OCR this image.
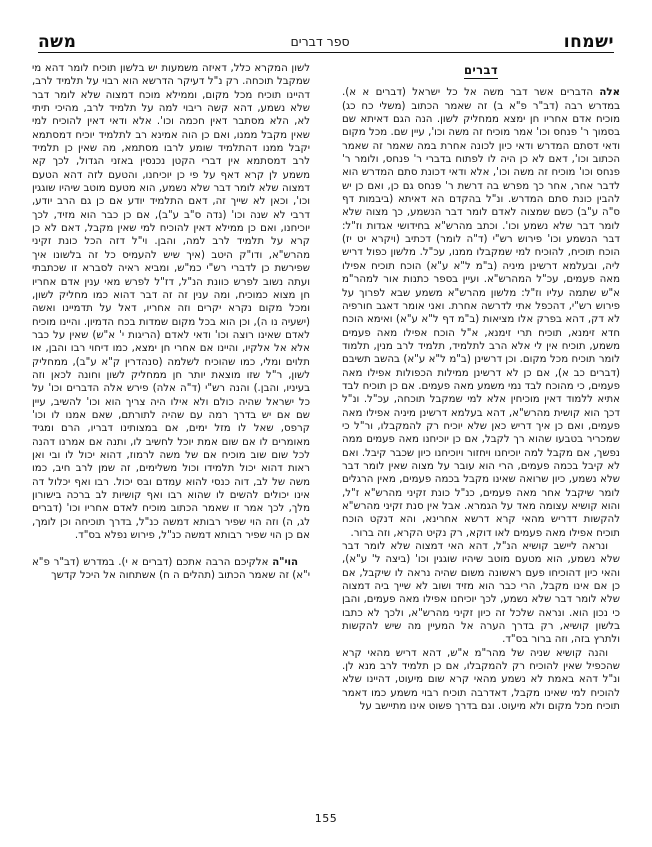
ישמחו
ספר דברים
משה
דברים

אלה הדברים אשר דבר משה אל כל ישראל (דברים א א). במדרש רבה (דב"ר פ"א ב) זה שאמר הכתוב (משלי כח כג) מוכיח אדם אחריו חן ימצא ממחליק לשון. הנה הגם דאיתא שם בסמוך ר' פנחס וכו' אמר מוכיח זה משה וכו', עיין שם. מכל מקום ודאי דסתם המדרש ודאי כיון לכונה אחרת במה שאמר זה שאמר הכתוב וכו', דאם לא כן היה לו לפתוח בדברי ר' פנחס, ולומר ר' פנחס וכו' מוכיח זה משה וכו', אלא ודאי דכונת סתם המדרש הוא לדבר אחר, אחר כך מפרש בה דרשת ר' פנחס גם כן, ואם כן יש להבין כונת סתם המדרש. ונ"ל בהקדם הא דאיתא (ביבמות דף ס"ה ע"ב) כשם שמצוה לאדם לומר דבר הנשמע, כך מצוה שלא לומר דבר שלא נשמע וכו'. וכתב מהרש"א בחידושי אגדות וז"ל: דבר הנשמע וכו' פירוש רש"י (ד"ה לומר) דכתיב (ויקרא יט יז) הוכח תוכיח, להוכיח למי שמקבלו ממנו, עכ"ל. מלשון כפול דריש ליה, ובעלמא דרשינן מיניה (ב"מ ל"א ע"א) הוכח תוכיח אפילו מאה פעמים, עכ"ל המהרש"א. ועיין בספר כתנות אור למהר"מ א"ש שתמה עליו וז"ל: מלשון מהרש"א משמע שבא לפרוך על פירוש רש"י, דהכפל אתי לדרשה אחרת. ואני אומר דאגב חורפיה לא דק, דהא בפרק אלו מציאות (ב"מ דף ל"א ע"א) ואימא הוכח חדא זימנא, תוכיח תרי זימנא, א"ל הוכח אפילו מאה פעמים משמע, תוכיח אין לי אלא הרב לתלמיד, תלמיד לרב מנין, תלמוד לומר תוכיח מכל מקום. וכן דרשינן (ב"מ ל"א ע"א) בהשב תשיבם (דברים כב א), אם כן לא דרשינן ממילות הכפולות אפילו מאה פעמים, כי מהוכח לבד נמי משמע מאה פעמים. אם כן תוכיח לבד אתיא ללמוד דאין מוכיחין אלא למי שמקבל תוכחה, עכ"ל. ונ"ל דכך הוא קושית מהרש"א, דהא בעלמא דרשינן מיניה אפילו מאה פעמים, ואם כן איך דריש כאן שלא יוכיח רק להמקבלו, ור"ל כי שמכריר בטבעו שהוא רך לקבל, אם כן יוכיחנו מאה פעמים ממה נפשך, אם מקבל למה יוכיחנו ויחזור ויוכיחנו כיון שכבר קיבל. ואם לא קיבל בכמה פעמים, הרי הוא עובר על מצוה שאין לומר דבר שלא נשמע, כיון שרואה שאינו מקבל בכמה פעמים, מאין הרגלים לומר שיקבל אחר מאה פעמים, כנ"ל כונת זקיני מהרש"א ז"ל, והוא קושיא עצומה מאד על הגמרא. אבל אין סנת זקיני מהרש"א להקשות דדריש מהאי קרא דרשא אחרינא, והא דנקט הוכח תוכיח אפילו מאה פעמים לאו דוקא, רק נקיט הקרא, וזה ברור.

ונראה ליישב קושיא הנ"ל, דהא האי דמצוה שלא לומר דבר שלא נשמע, הוא מטעם מוטב שיהיו שוגגין וכו' (ביצה ל' ע"א), והאי כיון דהוכיחו פעם ראשונה משום שהיה נראה לו שיקבל, אם כן אם אינו מקבל, הרי כבר הוא מזיד ושוב לא שייך ביה דמצוה שלא לומר דבר שלא נשמע, לכך יוכיחנו אפילו מאה פעמים, והבן כי נכון הוא. ונראה שלכל זה כיון זקיני מהרש"א, ולכך לא כתבו בלשון קושיא, רק בדרך הערה אל המעיין מה שיש להקשות ולתרץ בזה, וזה ברור בס"ד.

והנה קושיא שניה של מהר"מ א"ש, דהא דריש מהאי קרא שהכפיל שאין להוכיח רק להמקבלו, אם כן תלמיד לרב מנא לן. ונ"ל דהא באמת לא נשמע מהאי קרא שום מיעוט, דהיינו שלא להוכיח למי שאינו מקבל, דאדרבה תוכיח רבוי משמע כמו דאמר תוכיח מכל מקום ולא מיעוט. וגם בדרך פשוט אינו מתיישב על

לשון המקרא כלל, דאיזה משמעות יש בלשון תוכיח לומר דהא מי שמקבל תוכחה. רק נ"ל דעיקר הדרשא הוא רבוי על תלמיד לרב, דהיינו תוכיח מכל מקום, וממילא מוכח דמצוה שלא לומר דבר שלא נשמע, דהא קשה ריבוי למה על תלמיד לרב, מהיכי תיתי לא, הלא מסתבר דאין חכמה וכו'. אלא ודאי דאין להוכיח למי שאין מקבל ממנו, ואם כן הוה אמינא רב לתלמיד יוכיח דמסתמא יקבל ממנו דהתלמיד שומע לרבו מסתמא, מה שאין כן תלמיד לרב דמסתמא אין דברי הקטן נכנסין באזני הגדול, לכך קא משמע לן קרא דאף על פי כן יוכיחנו, והטעם לזה דהא הטעם דמצוה שלא לומר דבר שלא נשמע, הוא מטעם מוטב שיהיו שוגגין וכו', וכאן לא שייך זה, דאם התלמיד יודע אם כן גם הרב יודע, דרבי לא שנה וכו' (נדה ס"ב ע"ב), אם כן כבר הוא מזיד, לכך יוכיחנו, ואם כן ממילא דאין להוכיח למי שאין מקבל, דאם לא כן קרא על תלמיד לרב למה, והבן. וי"ל דזה הכל כונת זקיני מהרש"א, ודו"ק היטב (איך שיש להעמיס כל זה בלשונו איך שפירשת כן לדברי רש"י כמ"ש, ומביא ראיה לסברא זו שכתבתי ועתה נשוב לפרש כוונת הנ"ל, דז"ל לפרש מאי ענין אדם אחריו חן מצוא כמוכיח, ומה ענין זה זה דבר דהוא כמו מחליק לשון, ומכל מקום נקרא יקרים וזה אחריו, דאל על תדמיינו ואשה (ישעיה נו ה), וכן הוא בכל מקום שמדות בכח הדמיון. והיינו מוכיח לאדם שאינו רוצה וכו' ודאי לאדם (הריגות י' א"ש) שאין על כבר אלא אל אלקיו, והיינו אם אחרי חן ימצא, כמו דיחוי רבו והבן, או תלוים ומלי, כמו שהוכיח לשלמה (סנהדרין ק"א ע"ב), ממחליק לשון, ר"ל שזו מוצאת יותר חן ממחליק לשון וחונה לכאן וזה בעיניו, והבן.) והנה רש"י (ד"ה אלה) פירש אלה הדברים וכו' על כל ישראל שהיה כולם ולא אילו היה צריך הוא וכו' להשיב, עיין שם אם יש בדרך רמה עם שהיה לתורתם, שאם אמנו לו וכו' קרפס, שאל לו מזל ימים, אם במצותינו דבריו, הרם ומגיד מאומרים לו אם שום אמת יוכל לחשיב לו, ותנה אם אמרנו דהנה לכל שום שוב מוכיח אם של משה לרמוז, דהוא יכול לו ובי ואן ראות דהוא יכול תלמידו וכול משלימים, זה שמן לרב חיב, כמו משה של לב, דוה כנסי להוא עמדם ובס יכול. רבו ואף יכלול דה אינו יכולים להשים לו שהוא רבו ואף קושיות לב ברכה בישורון מלך, לכך אמר זו שאמר הכתוב מוכיח לאדם אחריו וכו' (דברים לג, ה) וזה הוי שפיר רבותא דמשה כנ"ל, בדרך תוכיחה וכן לומך, אם כן הוי שפיר רבותא דמשה כנ"ל, פירוש נפלא בס"ד.

הוי"ה אלקיכם הרבה אתכם (דברים א י). במדרש (דב"ר פ"א י"א) זה שאמר הכתוב (תהלים ה ח) אשתחוה אל היכל קדשך

155
